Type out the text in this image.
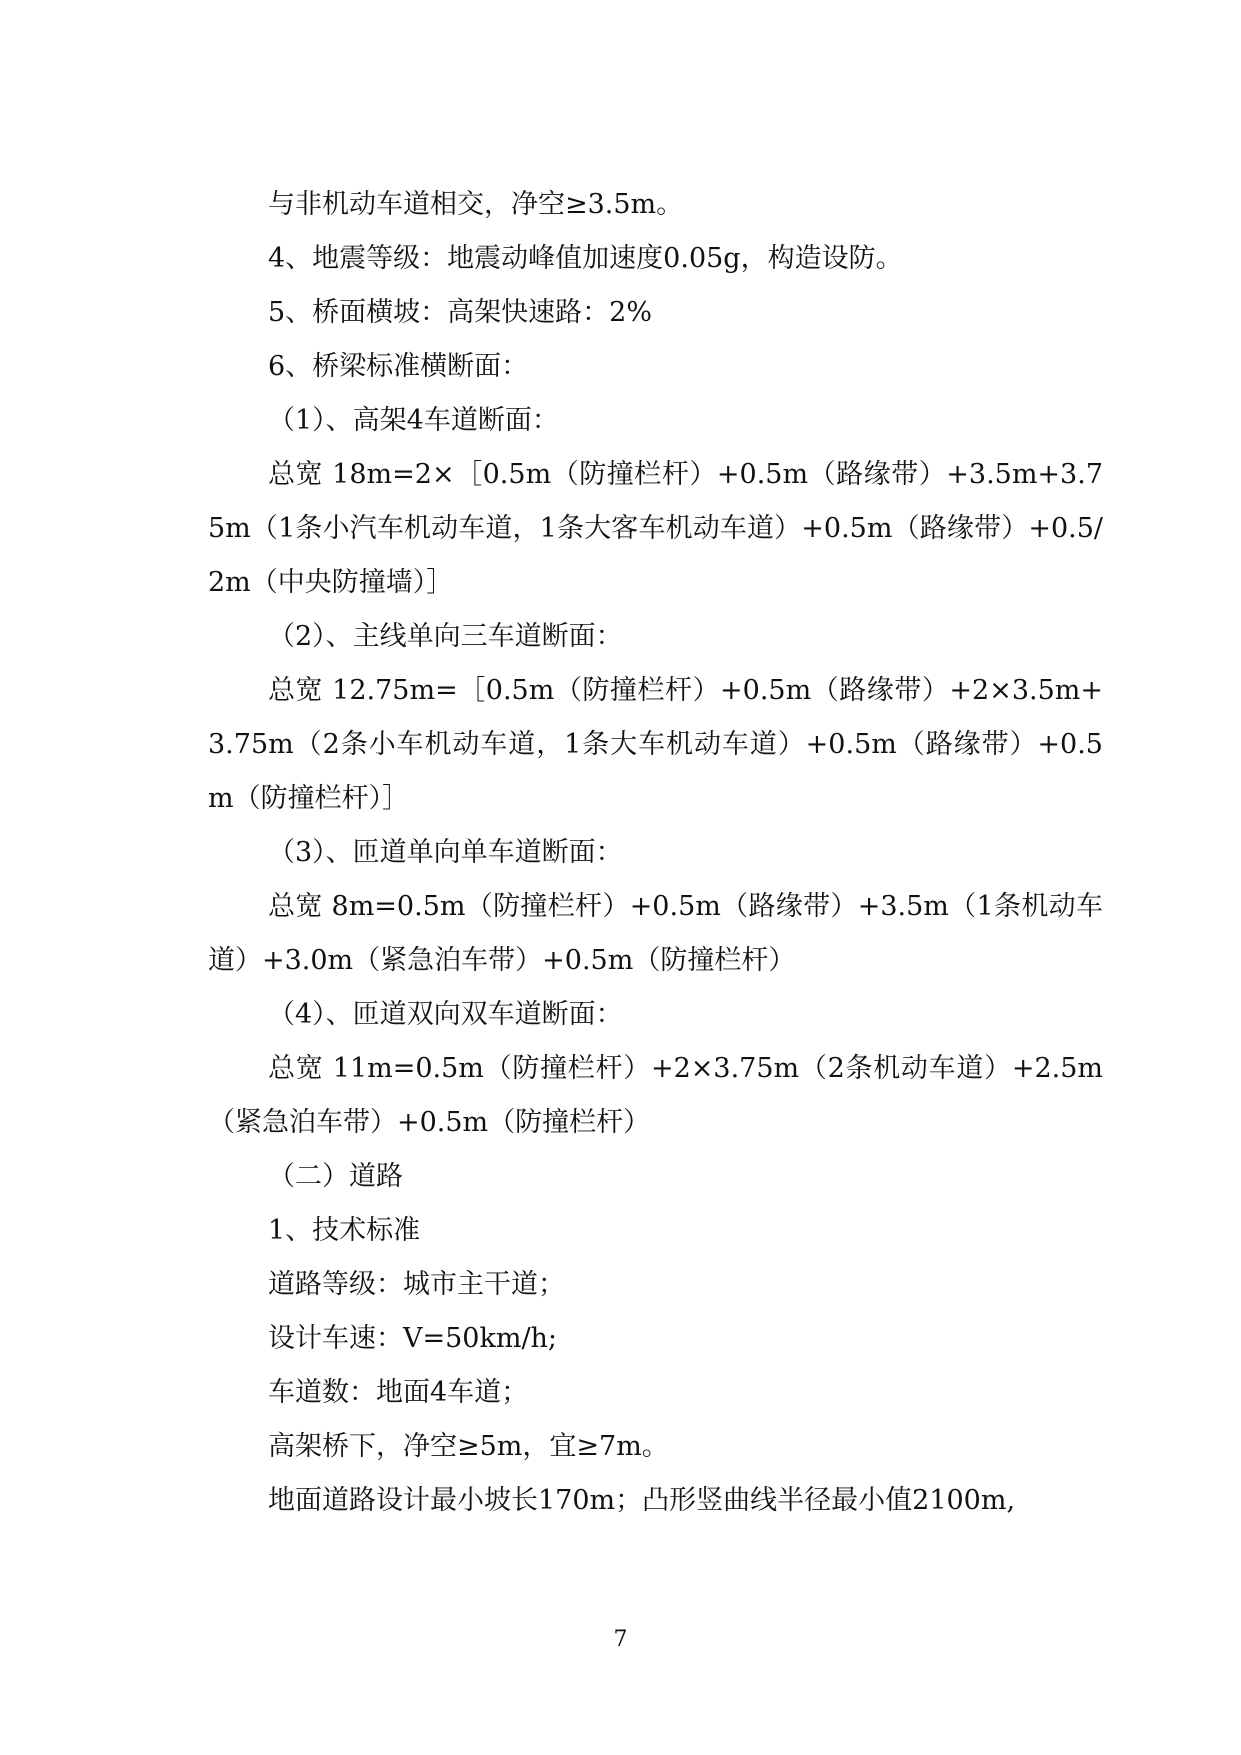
与非机动车道相交，净空≥3.5m。

4、地震等级：地震动峰值加速度0.05g，构造设防。

5、桥面横坡：高架快速路：2%

6、桥梁标准横断面：

（1）、高架4车道断面：

总宽 18m=2×［0.5m（防撞栏杆）+0.5m（路缘带）+3.5m+3.75m（1条小汽车机动车道，1条大客车机动车道）+0.5m（路缘带）+0.5/2m（中央防撞墙）］

（2）、主线单向三车道断面：

总宽 12.75m=［0.5m（防撞栏杆）+0.5m（路缘带）+2×3.5m+3.75m（2条小车机动车道，1条大车机动车道）+0.5m（路缘带）+0.5m（防撞栏杆）］

（3）、匝道单向单车道断面：

总宽 8m=0.5m（防撞栏杆）+0.5m（路缘带）+3.5m（1条机动车道）+3.0m（紧急泊车带）+0.5m（防撞栏杆）

（4）、匝道双向双车道断面：

总宽 11m=0.5m（防撞栏杆）+2×3.75m（2条机动车道）+2.5m（紧急泊车带）+0.5m（防撞栏杆）

（二）道路

1、技术标准

道路等级：城市主干道；

设计车速：V=50km/h;

车道数：地面4车道；

高架桥下，净空≥5m，宜≥7m。

地面道路设计最小坡长170m；凸形竖曲线半径最小值2100m,

7
